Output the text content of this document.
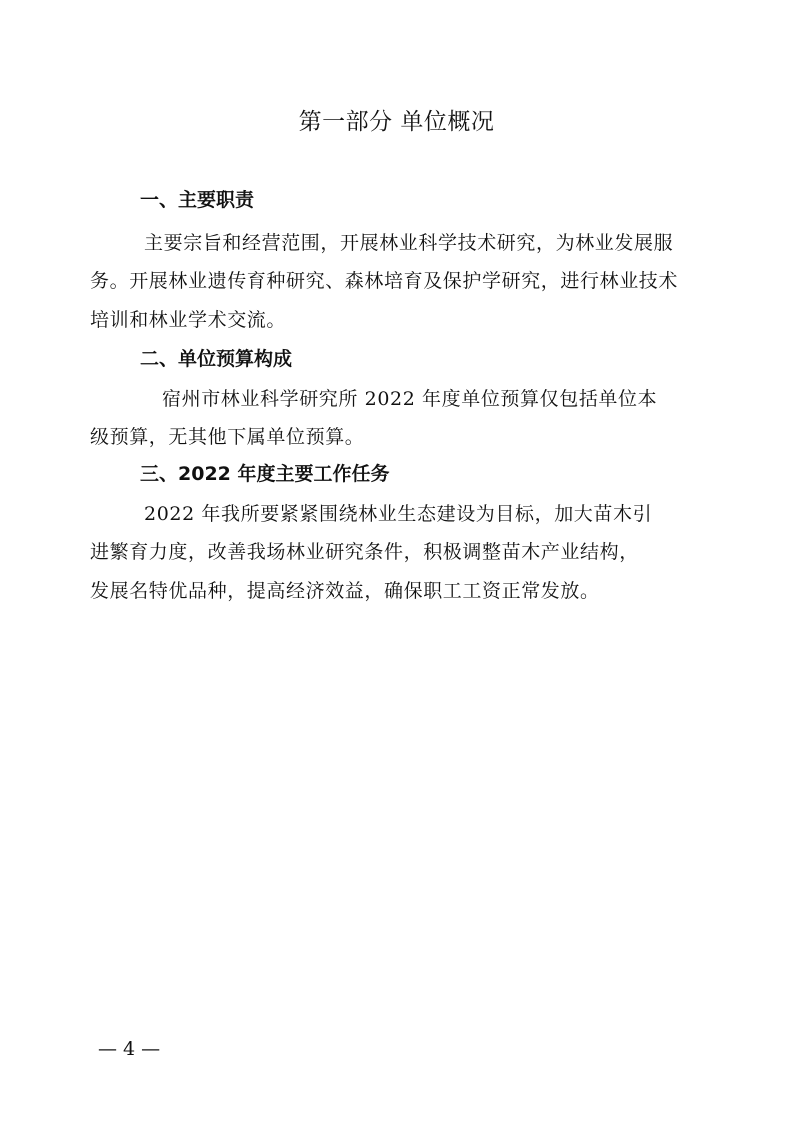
第一部分 单位概况
一、主要职责

主要宗旨和经营范围，开展林业科学技术研究，为林业发展服

务。开展林业遗传育种研究、森林培育及保护学研究，进行林业技术

培训和林业学术交流。

二、单位预算构成

宿州市林业科学研究所 2022 年度单位预算仅包括单位本

级预算，无其他下属单位预算。

三、2022 年度主要工作任务

2022 年我所要紧紧围绕林业生态建设为目标，加大苗木引

进繁育力度，改善我场林业研究条件，积极调整苗木产业结构，

发展名特优品种，提高经济效益，确保职工工资正常发放。

— 4 —
